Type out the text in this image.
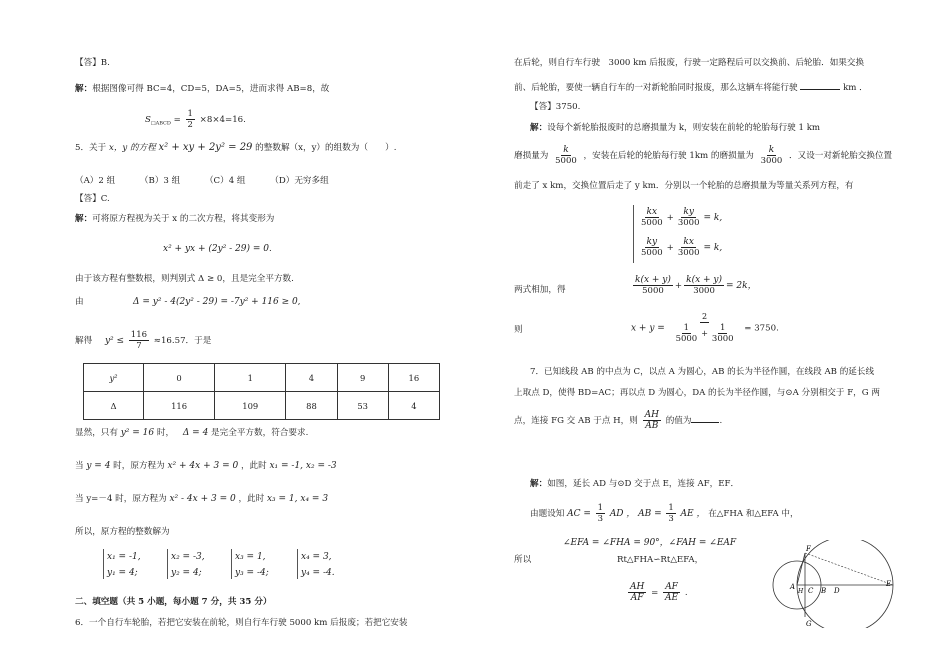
【答】B.
解：根据图像可得 BC=4，CD=5，DA=5，进而求得 AB=8，故
$S_{□ABCD} = \frac{1}{2} \times 8\times 4=16$.
5．关于 x，y 的方程 x² + xy + 2y² = 29 的整数解（x，y）的组数为（　　）.
（A）2 组	（B）3 组	（C）4 组	（D）无穷多组
【答】C.
解：可将原方程视为关于 x 的二次方程，将其变形为
x² + yx + (2y² - 29) = 0.
由于该方程有整数根，则判别式 Δ ≥ 0，且是完全平方数.
由	Δ = y² - 4(2y² - 29) = -7y² + 116 ≥ 0,
解得 $y^2 \le \frac{116}{7} \approx 16.57$．于是
y²	0	1	4	9	16
Δ	116	109	88	53	4
显然，只有 y² = 16 时， Δ = 4 是完全平方数，符合要求.
当 y = 4 时，原方程为 x² + 4x + 3 = 0 ，此时 x₁ = -1, x₂ = -3
当 y=－4 时，原方程为 x² - 4x + 3 = 0 ，此时 x₃ = 1, x₄ = 3
所以，原方程的整数解为
x₁ = -1,
y₁ = 4;
x₂ = -3,
y₂ = 4;
x₃ = 1,
y₃ = -4;
x₄ = 3,
y₄ = -4.
二、填空题（共 5 小题，每小题 7 分，共 35 分）
6．一个自行车轮胎，若把它安装在前轮，则自行车行驶 5000 km 后报废；若把它安装
在后轮，则自行车行驶　3000 km 后报废，行驶一定路程后可以交换前、后轮胎．如果交换
前、后轮胎，要使一辆自行车的一对新轮胎同时报废，那么这辆车将能行驶	km ．
【答】3750.
解：设每个新轮胎报废时的总磨损量为 k，则安装在前轮的轮胎每行驶 1 km
磨损量为 $\frac{k}{5000}$ ，安装在后轮的轮胎每行驶 1km 的磨损量为 $\frac{k}{3000}$ ．又设一对新轮胎交换位置
前走了 x km，交换位置后走了 y km．分别以一个轮胎的总磨损量为等量关系列方程，有
$\frac{kx}{5000} + \frac{ky}{3000} = k$,
$\frac{ky}{5000} + \frac{kx}{3000} = k$,
两式相加，得	$\frac{k(x + y)}{5000} + \frac{k(x + y)}{3000} = 2k$，
则	$x + y = \frac{2}{\frac{1}{5000} + \frac{1}{3000}} = 3750$.
7．已知线段 AB 的中点为 C，以点 A 为圆心，AB 的长为半径作圆，在线段 AB 的延长线
上取点 D，使得 BD=AC；再以点 D 为圆心，DA 的长为半径作圆，与⊙A 分别相交于 F，G 两
点，连接 FG 交 AB 于点 H，则 $\frac{AH}{AB}$ 的值为	.
解：如图，延长 AD 与⊙D 交于点 E，连接 AF，EF．
由题设知 AC = $\frac{1}{3}$ AD ， AB = $\frac{1}{3}$ AE ， 在△FHA 和△EFA 中，
∠EFA = ∠FHA = 90°，∠FAH = ∠EAF
所以	Rt△FHA∽Rt△EFA，
$\frac{AH}{AF} = \frac{AF}{AE}$ .
F
A
H C B D
E
G
